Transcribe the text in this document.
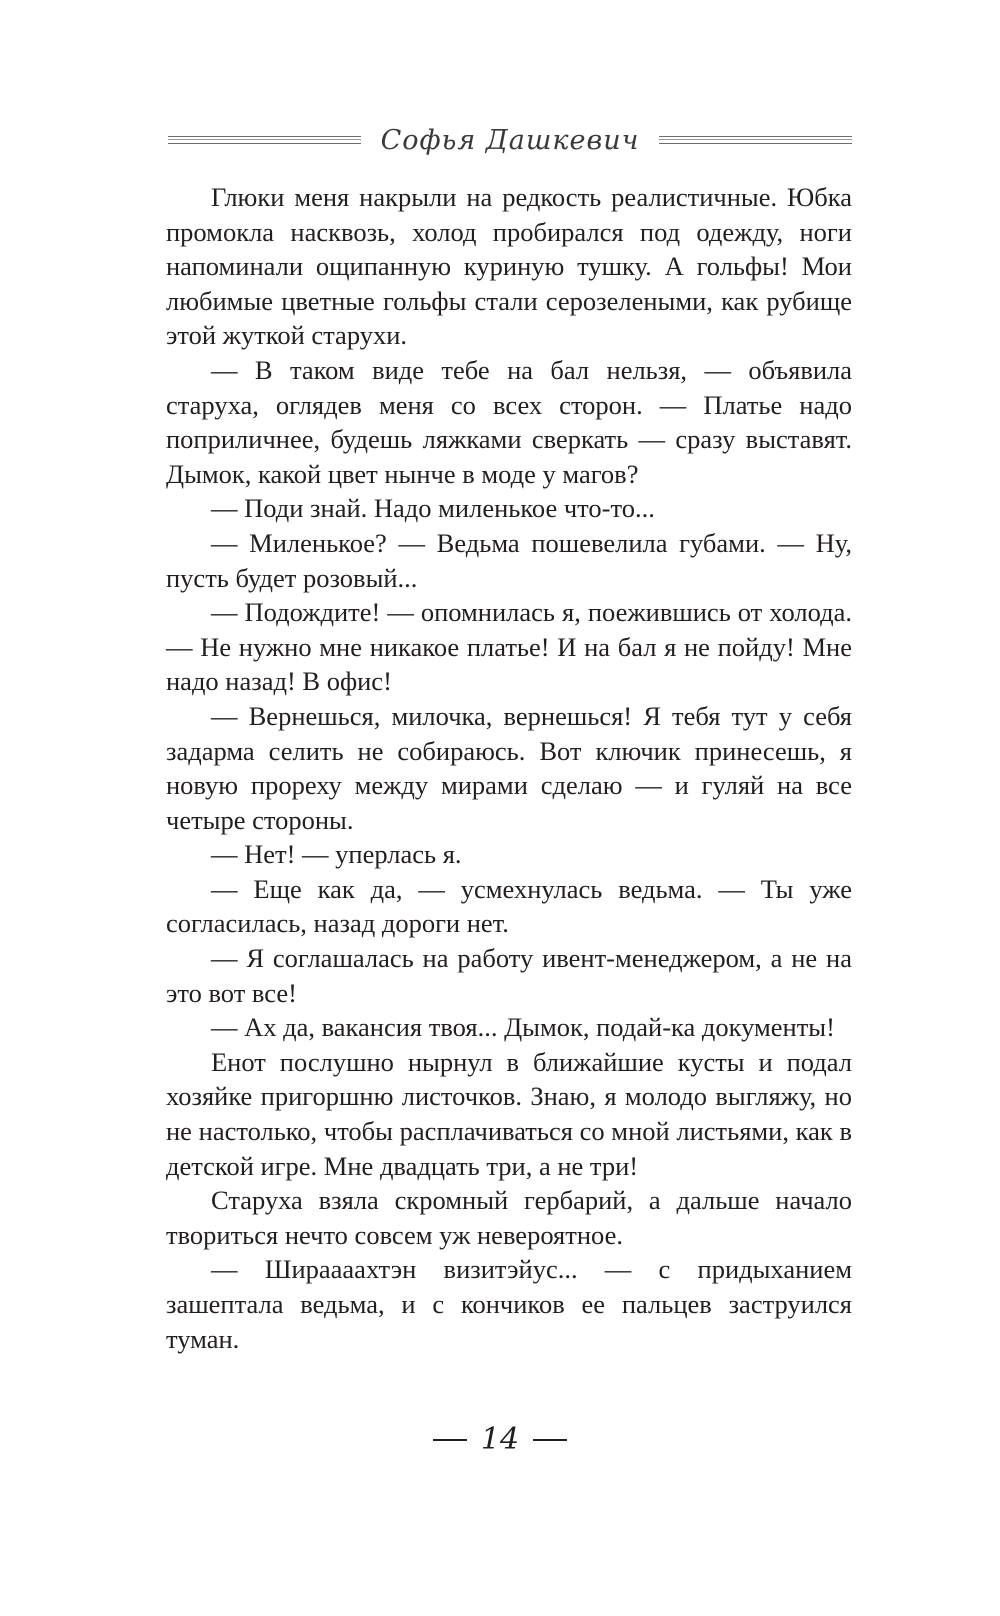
Софья Дашкевич

Глюки меня накрыли на редкость реалистичные. Юбка промокла насквозь, холод пробирался под одежду, ноги напоминали ощипанную куриную тушку. А гольфы! Мои любимые цветные гольфы стали серозелеными, как рубище этой жуткой старухи.

— В таком виде тебе на бал нельзя, — объявила старуха, оглядев меня со всех сторон. — Платье надо поприличнее, будешь ляжками сверкать — сразу выставят. Дымок, какой цвет нынче в моде у магов?

— Поди знай. Надо миленькое что-то...

— Миленькое? — Ведьма пошевелила губами. — Ну, пусть будет розовый...

— Подождите! — опомнилась я, поежившись от холода. — Не нужно мне никакое платье! И на бал я не пойду! Мне надо назад! В офис!

— Вернешься, милочка, вернешься! Я тебя тут у себя задарма селить не собираюсь. Вот ключик принесешь, я новую прореху между мирами сделаю — и гуляй на все четыре стороны.

— Нет! — уперлась я.

— Еще как да, — усмехнулась ведьма. — Ты уже согласилась, назад дороги нет.

— Я соглашалась на работу ивент-менеджером, а не на это вот все!

— Ах да, вакансия твоя... Дымок, подай-ка документы!

Енот послушно нырнул в ближайшие кусты и подал хозяйке пригоршню листочков. Знаю, я молодо выгляжу, но не настолько, чтобы расплачиваться со мной листьями, как в детской игре. Мне двадцать три, а не три!

Старуха взяла скромный гербарий, а дальше начало твориться нечто совсем уж невероятное.

— Шираааахтэн визитэйус... — с придыханием зашептала ведьма, и с кончиков ее пальцев заструился туман.

14
